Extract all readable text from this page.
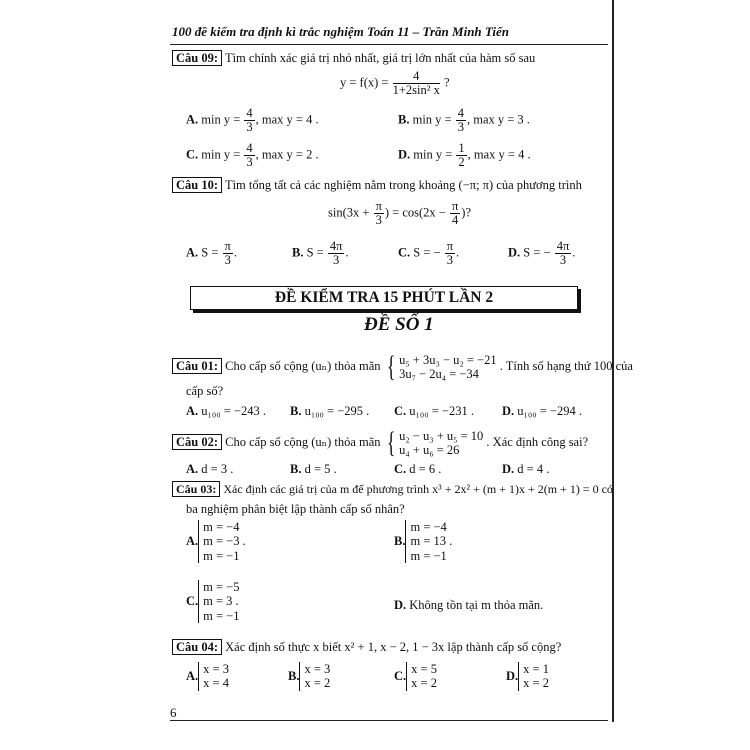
100 đề kiểm tra định kì trắc nghiệm Toán 11 – Trần Minh Tiến
Câu 09: Tìm chính xác giá trị nhỏ nhất, giá trị lớn nhất của hàm số sau
$y = f(x) = \frac{4}{\text{1+2sin² x}}$ ?
A. $\min y = \frac{4}{3}$ , max y = 4 .	B. $\min y = \frac{4}{3}$ , max y = 3 .
C. $\min y = \frac{4}{3}$ , max y = 2 .	D. $\min y = \frac{1}{2}$ , max y = 4 .
Câu 10: Tìm tổng tất cả các nghiệm nằm trong khoảng (−π; π) của phương trình
$\sin(3x + \frac{\pi}{3}$ ) = $\cos(2x - \frac{\pi}{4}$ )?
A. $S = \frac{\pi}{3}$ .	B. $S = \frac{4\pi}{3}$ .	C. S = − $\frac{\pi}{3}$ .	D. S = − $\frac{4\pi}{3}$ .
ĐỀ KIỂM TRA 15 PHÚT LẦN 2
ĐỀ SỐ 1
Câu 01: Cho cấp số cộng (uₙ) thỏa mãn { u₅ + 3u₃ − u₂ = −21
3u₇ − 2u₄ = −34
. Tính số hạng thứ 100 của
cấp số?
A. u₁₀₀ = −243 . B. u₁₀₀ = −295 . C. u₁₀₀ = −231 . D. u₁₀₀ = −294 .
Câu 02: Cho cấp số cộng (uₙ) thỏa mãn { u₂ − u₃ + u₅ = 10
u₄ + u₆ = 26
. Xác định công sai?
A. d = 3 .	B. d = 5 .	C. d = 6 .	D. d = 4 .
Câu 03: Xác định các giá trị của m để phương trình x³ + 2x² + (m + 1)x + 2(m + 1) = 0 có
ba nghiệm phân biệt lập thành cấp số nhân?
A.
m = −4
m = −3 .
m = −1
B.
m = −4
m = 13 .
m = −1
C.
m = −5
m = 3 .
m = −1
D. Không tồn tại m thỏa mãn.
Câu 04: Xác định số thực x biết x² + 1, x − 2, 1 − 3x lập thành cấp số cộng?
A. x = 3
x = 4
B. x = 3
x = 2
C. x = 5
x = 2
D. x = 1
x = 2
6
